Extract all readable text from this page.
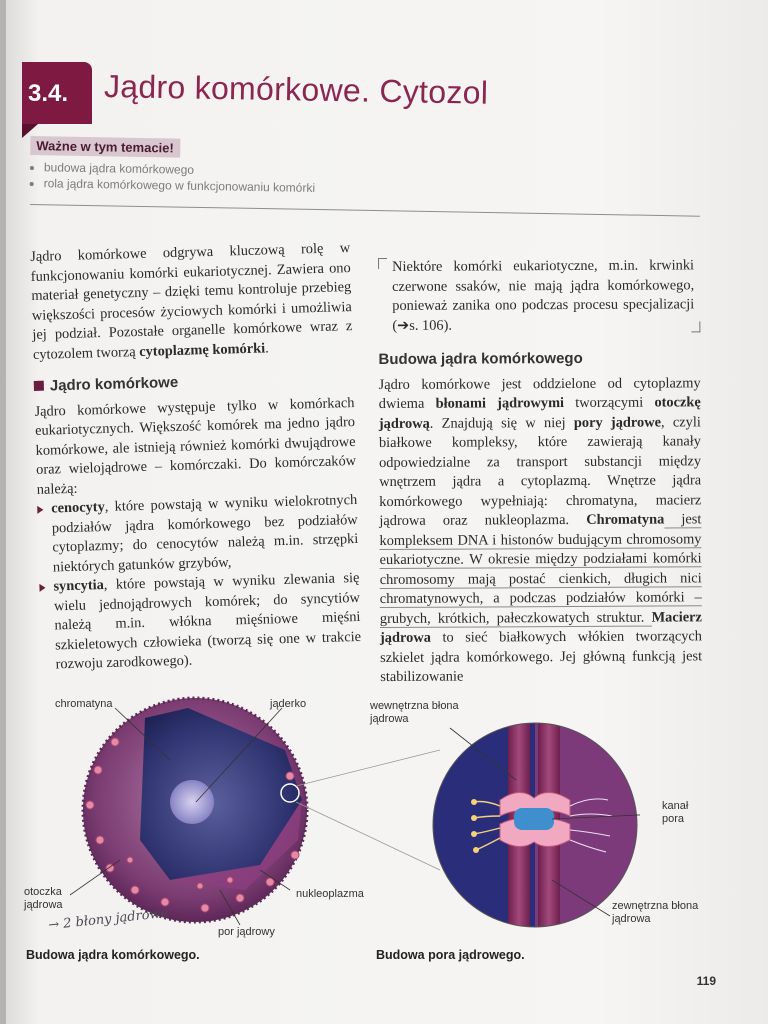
3.4. Jądro komórkowe. Cytozol
Ważne w tym temacie!
• budowa jądra komórkowego
• rola jądra komórkowego w funkcjonowaniu komórki

Jądro komórkowe odgrywa kluczową rolę w funkcjonowaniu komórki eukariotycznej. Zawiera ono materiał genetyczny – dzięki temu kontroluje przebieg większości procesów życiowych komórki i umożliwia jej podział. Pozostałe organelle komórkowe wraz z cytozolem tworzą cytoplazmę komórki.

Jądro komórkowe

Jądro komórkowe występuje tylko w komórkach eukariotycznych. Większość komórek ma jedno jądro komórkowe, ale istnieją również komórki dwujądrowe oraz wielojądrowe – komórczaki. Do komórczaków należą:

cenocyty, które powstają w wyniku wielokrotnych podziałów jądra komórkowego bez podziałów cytoplazmy; do cenocytów należą m.in. strzępki niektórych gatunków grzybów,
syncytia, które powstają w wyniku zlewania się wielu jednojądrowych komórek; do syncytiów należą m.in. włókna mięśniowe mięśni szkieletowych człowieka (tworzą się one w trakcie rozwoju zarodkowego).
Niektóre komórki eukariotyczne, m.in. krwinki czerwone ssaków, nie mają jądra komórkowego, ponieważ zanika ono podczas procesu specjalizacji (➔s. 106).
Budowa jądra komórkowego

Jądro komórkowe jest oddzielone od cytoplazmy dwiema błonami jądrowymi tworzącymi otoczkę jądrową. Znajdują się w niej pory jądrowe, czyli białkowe kompleksy, które zawierają kanały odpowiedzialne za transport substancji między wnętrzem jądra a cytoplazmą. Wnętrze jądra komórkowego wypełniają: chromatyna, macierz jądrowa oraz nukleoplazma. Chromatyna jest kompleksem DNA i histonów budującym chromosomy eukariotyczne. W okresie między podziałami komórki chromosomy mają postać cienkich, długich nici chromatynowych, a podczas podziałów komórki – grubych, krótkich, pałeczkowatych struktur. Macierz jądrowa to sieć białkowych włókien tworzących szkielet jądra komórkowego. Jej główną funkcją jest stabilizowanie

chromatyna	jąderko
otoczka jądrowa
nukleoplazma
por jądrowy
→ 2 błony jądrowe
Budowa jądra komórkowego.
wewnętrzna błona jądrowa
kanał pora
zewnętrzna błona jądrowa
Budowa pora jądrowego.
119
